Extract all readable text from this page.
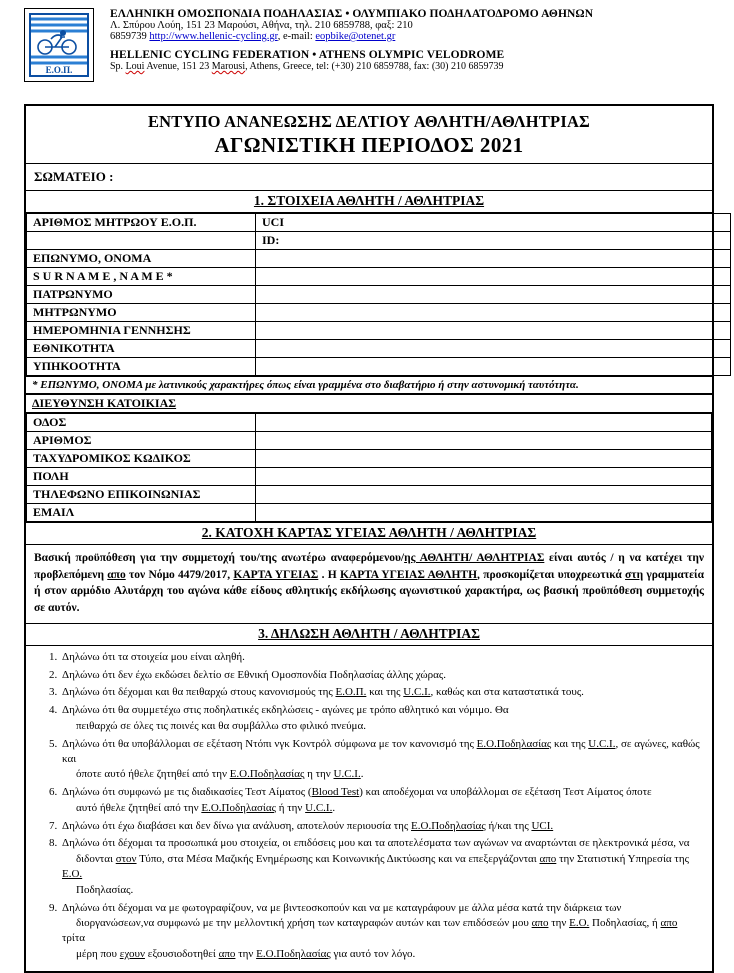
Ε.Ο.Π.
ΕΛΛΗΝΙΚΗ ΟΜΟΣΠΟΝΔΙΑ ΠΟΔΗΛΑΣΙΑΣ • ΟΛΥΜΠΙΑΚΟ ΠΟΔΗΛΑΤΟΔΡΟΜΟ ΑΘΗΝΩΝ
Λ. Σπύρου Λούη, 151 23 Μαρούσι, Αθήνα, τηλ. 210 6859788, φαξ: 210
6859739 http://www.hellenic-cycling.gr, e-mail: eopbike@otenet.gr
HELLENIC CYCLING FEDERATION • ATHENS OLYMPIC VELODROME
Sp. Loui Avenue, 151 23 Marousi, Athens, Greece, tel: (+30) 210 6859788, fax: (30) 210 6859739
ΕΝΤΥΠΟ ΑΝΑΝΕΩΣΗΣ ΔΕΛΤΙΟΥ ΑΘΛΗΤΗ/ΑΘΛΗΤΡΙΑΣ
ΑΓΩΝΙΣΤΙΚΗ ΠΕΡΙΟΔΟΣ 2021
ΣΩΜΑΤΕΙΟ :
1. ΣΤΟΙΧΕΙΑ ΑΘΛΗΤΗ / ΑΘΛΗΤΡΙΑΣ
ΑΡΙΘΜΟΣ ΜΗΤΡΩΟΥ Ε.Ο.Π.	UCI
	ID:
ΕΠΩΝΥΜΟ, ΟΝΟΜΑ	
S U R N A M E , N A M E *	
ΠΑΤΡΩΝΥΜΟ	
ΜΗΤΡΩΝΥΜΟ	
ΗΜΕΡΟΜΗΝΙΑ ΓΕΝΝΗΣΗΣ	
ΕΘΝΙΚΟΤΗΤΑ	
ΥΠΗΚΟΟΤΗΤΑ	
* ΕΠΩΝΥΜΟ, ΟΝΟΜΑ με λατινικούς χαρακτήρες όπως είναι γραμμένα στο διαβατήριο ή στην αστυνομική ταυτότητα.
ΔΙΕΥΘΥΝΣΗ ΚΑΤΟΙΚΙΑΣ
ΟΔΟΣ	
ΑΡΙΘΜΟΣ	
ΤΑΧΥΔΡΟΜΙΚΟΣ ΚΩΔΙΚΟΣ	
ΠΟΛΗ	
ΤΗΛΕΦΩΝΟ ΕΠΙΚΟΙΝΩΝΙΑΣ	
ΕΜΑΙΛ	
2. ΚΑΤΟΧΗ ΚΑΡΤΑΣ ΥΓΕΙΑΣ ΑΘΛΗΤΗ / ΑΘΛΗΤΡΙΑΣ
Βασική προϋπόθεση για την συμμετοχή του/της ανωτέρω αναφερόμενου/ης ΑΘΛΗΤΗ/ ΑΘΛΗΤΡΙΑΣ είναι αυτός / η να κατέχει την προβλεπόμενη απο τον Νόμο 4479/2017, ΚΑΡΤΑ ΥΓΕΙΑΣ . Η ΚΑΡΤΑ ΥΓΕΙΑΣ ΑΘΛΗΤΗ, προσκομίζεται υποχρεωτικά στη γραμματεία ή στον αρμόδιο Αλυτάρχη του αγώνα κάθε είδους αθλητικής εκδήλωσης αγωνιστικού χαρακτήρα, ως βασική προϋπόθεση συμμετοχής σε αυτόν.
3. ΔΗΛΩΣΗ ΑΘΛΗΤΗ / ΑΘΛΗΤΡΙΑΣ
1. Δηλώνω ότι τα στοιχεία μου είναι αληθή.
2. Δηλώνω ότι δεν έχω εκδώσει δελτίο σε Εθνική Ομοσπονδία Ποδηλασίας άλλης χώρας.
3. Δηλώνω ότι δέχομαι και θα πειθαρχώ στους κανονισμούς της Ε.Ο.Π. και της U.C.I., καθώς και στα καταστατικά τους.
4. Δηλώνω ότι θα συμμετέχω στις ποδηλατικές εκδηλώσεις - αγώνες με τρόπο αθλητικό και νόμιμο. Θα
πειθαρχώ σε όλες τις ποινές και θα συμβάλλω στο φιλικό πνεύμα.
5. Δηλώνω ότι θα υποβάλλομαι σε εξέταση Ντόπι νγκ Κοντρόλ σύμφωνα με τον κανονισμό της Ε.Ο.Ποδηλασίας και της U.C.I., σε αγώνες, καθώς και
όποτε αυτό ήθελε ζητηθεί από την Ε.Ο.Ποδηλασίας η την U.C.I..
6. Δηλώνω ότι συμφωνώ με τις διαδικασίες Τεστ Αίματος (Blood Test) και αποδέχομαι να υποβάλλομαι σε εξέταση Τεστ Αίματος όποτε
αυτό ήθελε ζητηθεί από την Ε.Ο.Ποδηλασίας ή την U.C.I..
7. Δηλώνω ότι έχω διαβάσει και δεν δίνω για ανάλυση, αποτελούν περιουσία της Ε.Ο.Ποδηλασίας ή/και της UCI.
8. Δηλώνω ότι δέχομαι τα προσωπικά μου στοιχεία, οι επιδόσεις μου και τα αποτελέσματα των αγώνων να αναρτώνται σε ηλεκτρονικά μέσα, να
διδονται στον Τύπο, στα Μέσα Μαζικής Ενημέρωσης και Κοινωνικής Δικτύωσης και να επεξεργάζονται απο την Στατιστική Υπηρεσία της Ε.Ο.
Ποδηλασίας.
9. Δηλώνω ότι δέχομαι να με φωτογραφίζουν, να με βιντεοσκοπούν και να με καταγράφουν με άλλα μέσα κατά την διάρκεια των
διοργανώσεων,να συμφωνώ με την μελλοντική χρήση των καταγραφών αυτών και των επιδόσεών μου απο την Ε.Ο. Ποδηλασίας, ή απο τρίτα
μέρη που εχουν εξουσιοδοτηθεί απο την Ε.Ο.Ποδηλασίας για αυτό τον λόγο.
